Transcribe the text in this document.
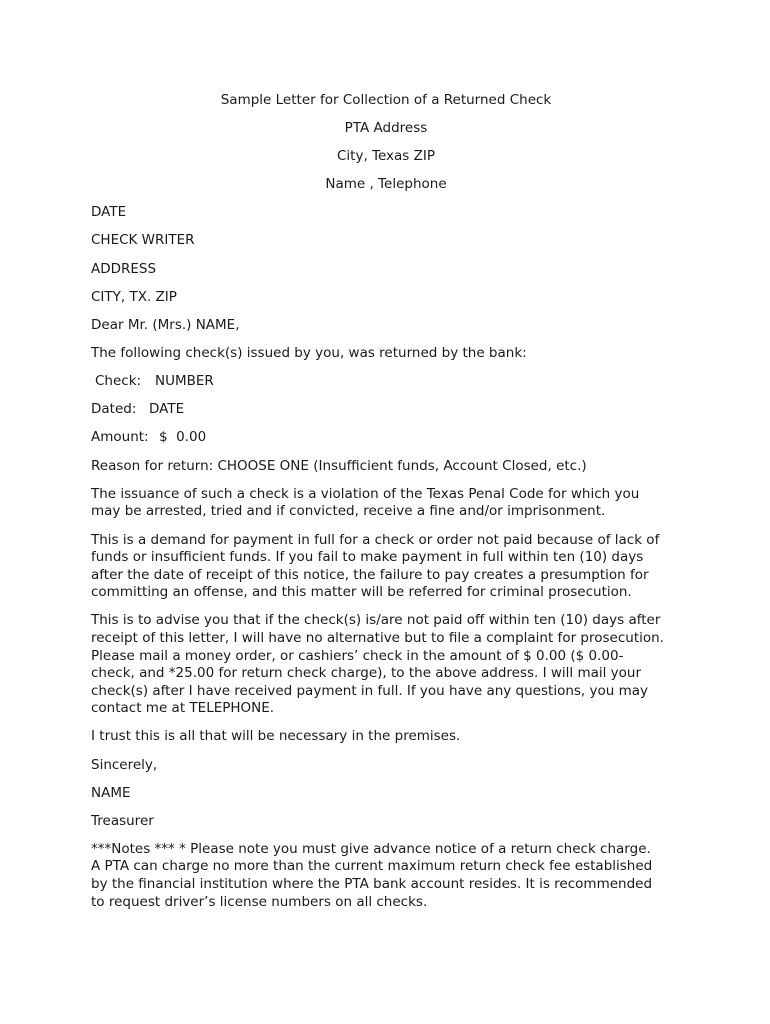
Sample Letter for Collection of a Returned Check

PTA Address

City, Texas ZIP

Name , Telephone

DATE

CHECK WRITER

ADDRESS

CITY, TX. ZIP

Dear Mr. (Mrs.) NAME,

The following check(s) issued by you, was returned by the bank:

Check: NUMBER

Dated: DATE

Amount: $  0.00

Reason for return: CHOOSE ONE (Insufficient funds, Account Closed, etc.)

The issuance of such a check is a violation of the Texas Penal Code for which you
may be arrested, tried and if convicted, receive a fine and/or imprisonment.

This is a demand for payment in full for a check or order not paid because of lack of
funds or insufficient funds. If you fail to make payment in full within ten (10) days
after the date of receipt of this notice, the failure to pay creates a presumption for
committing an offense, and this matter will be referred for criminal prosecution.

This is to advise you that if the check(s) is/are not paid off within ten (10) days after
receipt of this letter, I will have no alternative but to file a complaint for prosecution.
Please mail a money order, or cashiers’ check in the amount of $ 0.00 ($ 0.00-
check, and *25.00 for return check charge), to the above address. I will mail your
check(s) after I have received payment in full. If you have any questions, you may
contact me at TELEPHONE.

I trust this is all that will be necessary in the premises.

Sincerely,

NAME

Treasurer

***Notes *** * Please note you must give advance notice of a return check charge.
A PTA can charge no more than the current maximum return check fee established
by the financial institution where the PTA bank account resides. It is recommended
to request driver’s license numbers on all checks.
